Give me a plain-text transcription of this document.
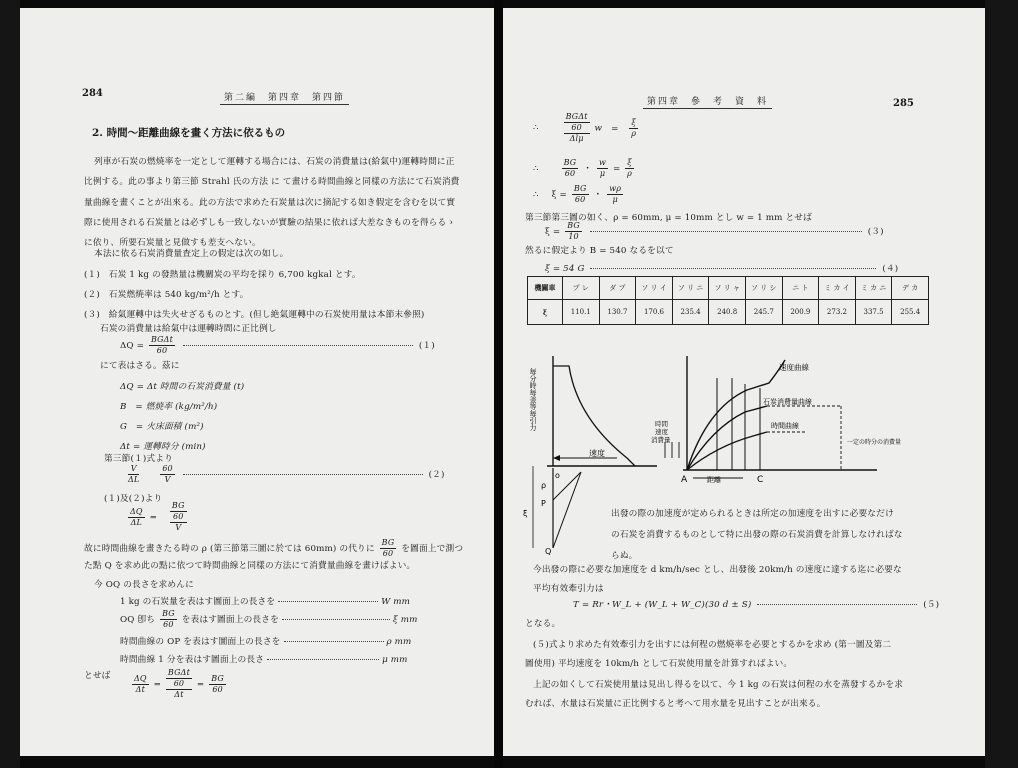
284	第二編　第四章　第四節
2. 時間〜距離曲線を畫く方法に依るもの
列車が石炭の燃焼率を一定として運轉する場合には、石炭の消費量は(給氣中)運轉時間に正
比例する。此の事より第三節 Strahl 氏の方法 に て畫ける時間曲線と同樣の方法にて石炭消費
量曲線を畫くことが出來る。此の方法で求めた石炭量は次に摘記する如き假定を含むを以て實
際に使用される石炭量とは必ずしも一致しないが實驗の結果に依れば大差なきものを得らるゝ
に依り、所要石炭量と見做すも差支へない。
本法に依る石炭消費量査定上の假定は次の如し。
(１)　 石炭 1 kg の發熱量は機關炭の平均を採り 6,700 kgkal とす。
(２)　 石炭燃焼率は 540 kg/m²/h とす。
(３)　 給氣運轉中は失火せざるものとす。(但し絶氣運轉中の石炭使用量は本節末參照)
石炭の消費量は給氣中は運轉時間に正比例し
$\Delta Q = \frac{\text{BGΔt}}{60}$	(１)
にて表はさる。茲に
ΔQ = Δt 時間の石炭消費量 (t)
B　= 燃焼率 (kg/m²/h)
G　= 火床面積 (m²)
Δt = 運轉時分 (min)
第三節(１)式より
$\frac{V}{\Delta L}$
	$\frac{60}{V}$	(２)
(１)及(２)より
$\frac{\Delta Q}{\Delta L}$ =
BG
60
V
故に時間曲線を畫きたる時の ρ (第三節第三圖に於ては 60mm) の代りに $\frac{BG}{60}$ を圖面上で測つ
た點 Q を求め此の點に依つて時間曲線と同樣の方法にて消費量曲線を畫けばよい。
今 OQ の長さを求めんに
1 kg の石炭量を表はす圖面上の長さを	W mm
OQ 卽ち $\frac{BG}{60}$ を表はす圖面上の長さを	ξ mm
時間曲線の OP を表はす圖面上の長さを	ρ mm
時間曲線 1 分を表はす圖面上の長さ	μ mm
とせば	$\frac{\Delta Q}{\Delta t}$ =
BGΔt
60
Δt
= $\frac{BG}{60}$
第四章　參　考　資　料	285
∴
BGΔt
60
Δlμ
$w = \frac{\xi}{\rho}$
∴	$\frac{BG}{60}$ ・ $\frac{w}{\mu} = \frac{\xi}{\rho}$
∴ $\xi = \frac{BG}{60}$ ・ $\frac{w\rho}{\mu}$
第三節第三圖の如く、ρ = 60mm, μ = 10mm とし w = 1 mm とせば
$\xi = \frac{BG}{10}$	(３)
然るに假定より B = 540 なるを以て
ξ = 54 G	(４)
機關車	プ レ	ダ プ	ソ リ イ	ソ リ ニ	ソ リ ャ	ソ リ シ	ニ ト	ミ カ イ	ミ カ ニ	デ カ
ξ	110.1	130.7	170.6	235.4	240.8	245.7	200.9	273.2	337.5	255.4
毎分時毎釜等毎引力
速度
o
ρ
P
ξ
Q
速度曲線
石炭消費量曲線
時間曲線
一定の時分の消費量
時間
速度
消費量
A	距離	C
出發の際の加速度が定められるときは所定の加速度を出すに必要なだけ
の石炭を消費するものとして特に出發の際の石炭消費を計算しなければな
らぬ。
今出發の際に必要な加速度を d km/h/sec とし、出發後 20km/h の速度に達する迄に必要な
平均有效牽引力は
T = Rr・W_L + (W_L + W_C)(30 d ± S)	(５)
となる。
(５)式より求めた有效牽引力を出すには何程の燃焼率を必要とするかを求め (第一圖及第二
圖使用) 平均速度を 10km/h として石炭使用量を計算すればよい。
上記の如くして石炭使用量は見出し得るを以て、今 1 kg の石炭は何程の水を蒸發するかを求
むれば、水量は石炭量に正比例すると考へて用水量を見出すことが出來る。
